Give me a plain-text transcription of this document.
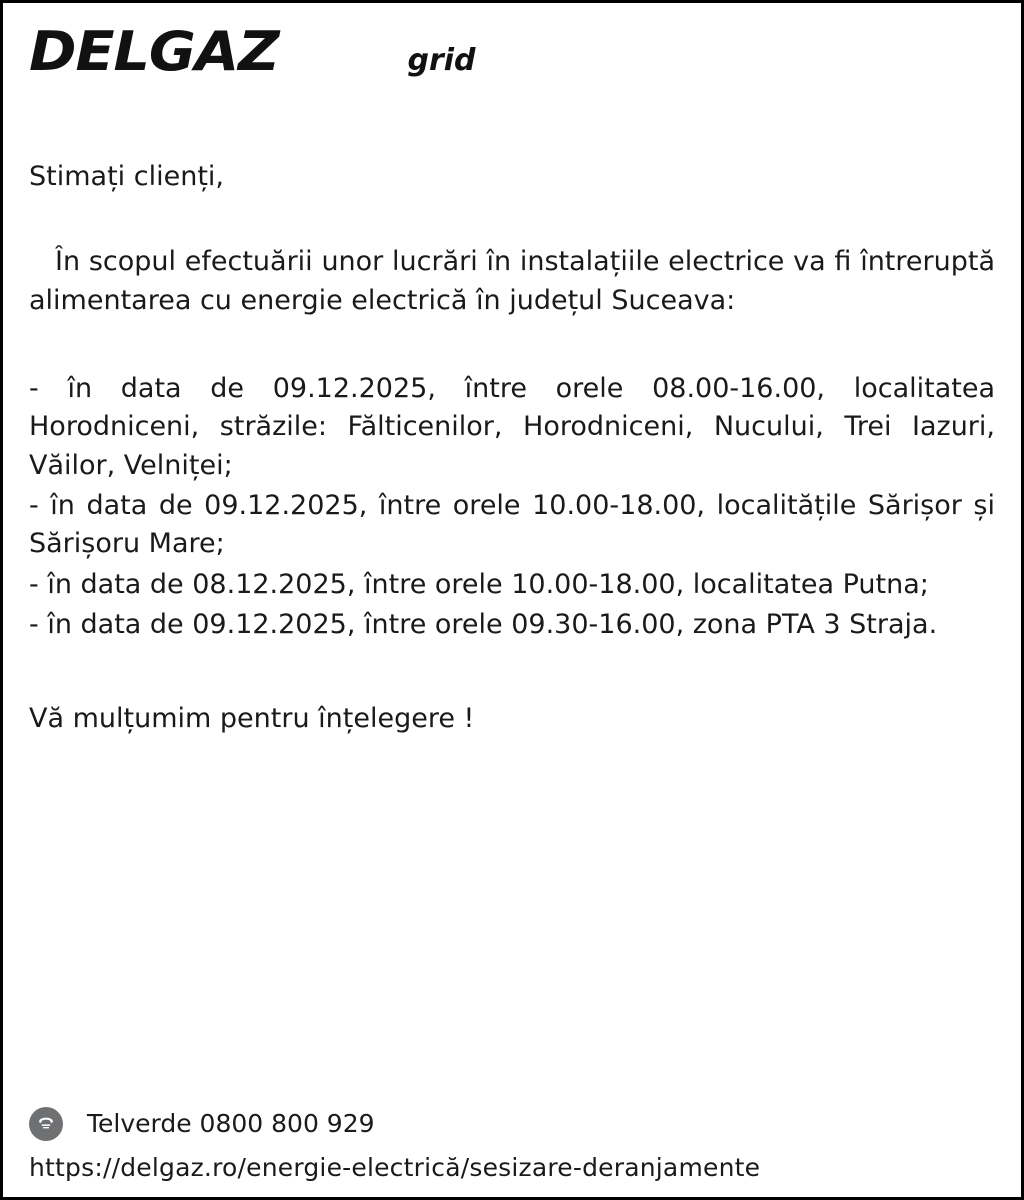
DELGAZ	grid

Stimați clienți,

În scopul efectuării unor lucrări în instalațiile electrice va fi întreruptă alimentarea cu energie electrică în județul Suceava:

- în data de 09.12.2025, între orele 08.00-16.00, localitatea Horodniceni, străzile: Fălticenilor, Horodniceni, Nucului, Trei Iazuri, Văilor, Velniței;

- în data de 09.12.2025, între orele 10.00-18.00, localitățile Sărișor și Sărișoru Mare;

- în data de 08.12.2025, între orele 10.00-18.00, localitatea Putna;

- în data de 09.12.2025, între orele 09.30-16.00, zona PTA 3 Straja.

Vă mulțumim pentru înțelegere !

Telverde 0800 800 929
https://delgaz.ro/energie-electrică/sesizare-deranjamente
